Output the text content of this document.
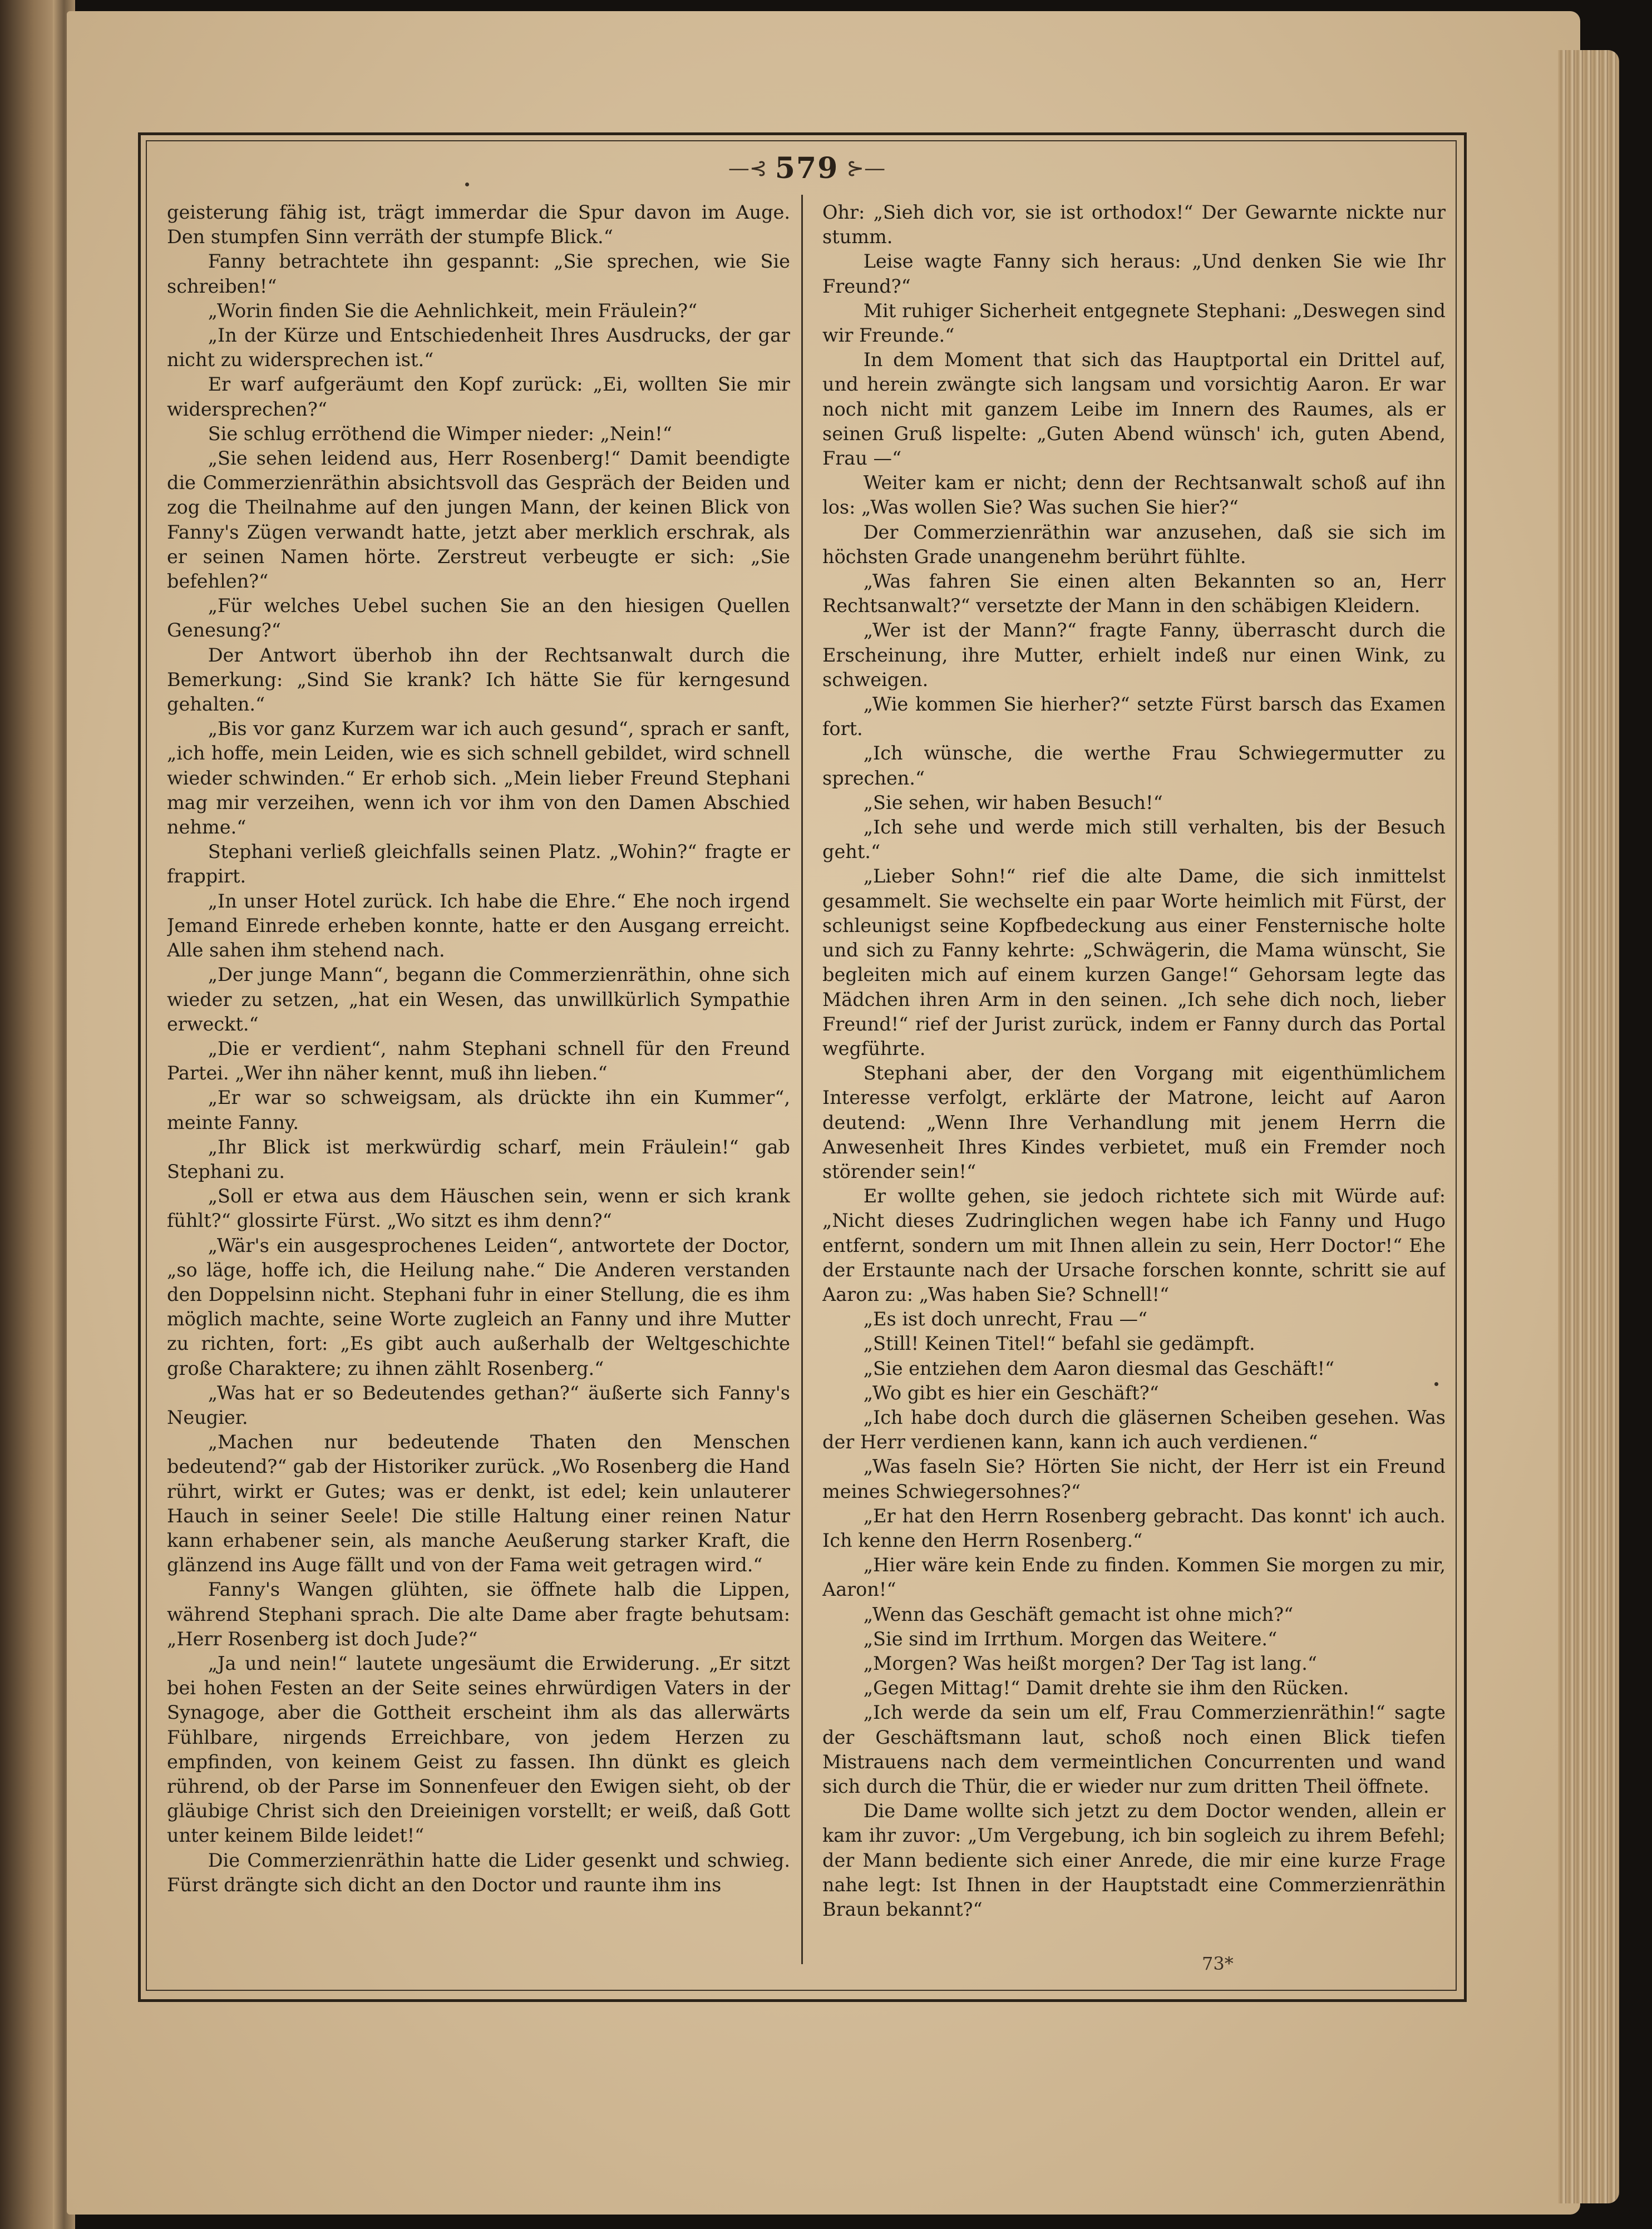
—⊰ 579 ⊱—

geisterung fähig ist, trägt immerdar die Spur davon im Auge. Den stumpfen Sinn verräth der stumpfe Blick.“

Fanny betrachtete ihn gespannt: „Sie sprechen, wie Sie schreiben!“

„Worin finden Sie die Aehnlichkeit, mein Fräulein?“

„In der Kürze und Entschiedenheit Ihres Ausdrucks, der gar nicht zu widersprechen ist.“

Er warf aufgeräumt den Kopf zurück: „Ei, wollten Sie mir widersprechen?“

Sie schlug erröthend die Wimper nieder: „Nein!“

„Sie sehen leidend aus, Herr Rosenberg!“ Damit beendigte die Commerzienräthin absichtsvoll das Gespräch der Beiden und zog die Theilnahme auf den jungen Mann, der keinen Blick von Fanny's Zügen verwandt hatte, jetzt aber merklich erschrak, als er seinen Namen hörte. Zerstreut verbeugte er sich: „Sie befehlen?“

„Für welches Uebel suchen Sie an den hiesigen Quellen Genesung?“

Der Antwort überhob ihn der Rechtsanwalt durch die Bemerkung: „Sind Sie krank? Ich hätte Sie für kerngesund gehalten.“

„Bis vor ganz Kurzem war ich auch gesund“, sprach er sanft, „ich hoffe, mein Leiden, wie es sich schnell gebildet, wird schnell wieder schwinden.“ Er erhob sich. „Mein lieber Freund Stephani mag mir verzeihen, wenn ich vor ihm von den Damen Abschied nehme.“

Stephani verließ gleichfalls seinen Platz. „Wohin?“ fragte er frappirt.

„In unser Hotel zurück. Ich habe die Ehre.“ Ehe noch irgend Jemand Einrede erheben konnte, hatte er den Ausgang erreicht. Alle sahen ihm stehend nach.

„Der junge Mann“, begann die Commerzienräthin, ohne sich wieder zu setzen, „hat ein Wesen, das unwillkürlich Sympathie erweckt.“

„Die er verdient“, nahm Stephani schnell für den Freund Partei. „Wer ihn näher kennt, muß ihn lieben.“

„Er war so schweigsam, als drückte ihn ein Kummer“, meinte Fanny.

„Ihr Blick ist merkwürdig scharf, mein Fräulein!“ gab Stephani zu.

„Soll er etwa aus dem Häuschen sein, wenn er sich krank fühlt?“ glossirte Fürst. „Wo sitzt es ihm denn?“

„Wär's ein ausgesprochenes Leiden“, antwortete der Doctor, „so läge, hoffe ich, die Heilung nahe.“ Die Anderen verstanden den Doppelsinn nicht. Stephani fuhr in einer Stellung, die es ihm möglich machte, seine Worte zugleich an Fanny und ihre Mutter zu richten, fort: „Es gibt auch außerhalb der Weltgeschichte große Charaktere; zu ihnen zählt Rosenberg.“

„Was hat er so Bedeutendes gethan?“ äußerte sich Fanny's Neugier.

„Machen nur bedeutende Thaten den Menschen bedeutend?“ gab der Historiker zurück. „Wo Rosenberg die Hand rührt, wirkt er Gutes; was er denkt, ist edel; kein unlauterer Hauch in seiner Seele! Die stille Haltung einer reinen Natur kann erhabener sein, als manche Aeußerung starker Kraft, die glänzend ins Auge fällt und von der Fama weit getragen wird.“

Fanny's Wangen glühten, sie öffnete halb die Lippen, während Stephani sprach. Die alte Dame aber fragte behutsam: „Herr Rosenberg ist doch Jude?“

„Ja und nein!“ lautete ungesäumt die Erwiderung. „Er sitzt bei hohen Festen an der Seite seines ehrwürdigen Vaters in der Synagoge, aber die Gottheit erscheint ihm als das allerwärts Fühlbare, nirgends Erreichbare, von jedem Herzen zu empfinden, von keinem Geist zu fassen. Ihn dünkt es gleich rührend, ob der Parse im Sonnenfeuer den Ewigen sieht, ob der gläubige Christ sich den Dreieinigen vorstellt; er weiß, daß Gott unter keinem Bilde leidet!“

Die Commerzienräthin hatte die Lider gesenkt und schwieg. Fürst drängte sich dicht an den Doctor und raunte ihm ins

Ohr: „Sieh dich vor, sie ist orthodox!“ Der Gewarnte nickte nur stumm.

Leise wagte Fanny sich heraus: „Und denken Sie wie Ihr Freund?“

Mit ruhiger Sicherheit entgegnete Stephani: „Deswegen sind wir Freunde.“

In dem Moment that sich das Hauptportal ein Drittel auf, und herein zwängte sich langsam und vorsichtig Aaron. Er war noch nicht mit ganzem Leibe im Innern des Raumes, als er seinen Gruß lispelte: „Guten Abend wünsch' ich, guten Abend, Frau —“

Weiter kam er nicht; denn der Rechtsanwalt schoß auf ihn los: „Was wollen Sie? Was suchen Sie hier?“

Der Commerzienräthin war anzusehen, daß sie sich im höchsten Grade unangenehm berührt fühlte.

„Was fahren Sie einen alten Bekannten so an, Herr Rechtsanwalt?“ versetzte der Mann in den schäbigen Kleidern.

„Wer ist der Mann?“ fragte Fanny, überrascht durch die Erscheinung, ihre Mutter, erhielt indeß nur einen Wink, zu schweigen.

„Wie kommen Sie hierher?“ setzte Fürst barsch das Examen fort.

„Ich wünsche, die werthe Frau Schwiegermutter zu sprechen.“

„Sie sehen, wir haben Besuch!“

„Ich sehe und werde mich still verhalten, bis der Besuch geht.“

„Lieber Sohn!“ rief die alte Dame, die sich inmittelst gesammelt. Sie wechselte ein paar Worte heimlich mit Fürst, der schleunigst seine Kopfbedeckung aus einer Fensternische holte und sich zu Fanny kehrte: „Schwägerin, die Mama wünscht, Sie begleiten mich auf einem kurzen Gange!“ Gehorsam legte das Mädchen ihren Arm in den seinen. „Ich sehe dich noch, lieber Freund!“ rief der Jurist zurück, indem er Fanny durch das Portal wegführte.

Stephani aber, der den Vorgang mit eigenthümlichem Interesse verfolgt, erklärte der Matrone, leicht auf Aaron deutend: „Wenn Ihre Verhandlung mit jenem Herrn die Anwesenheit Ihres Kindes verbietet, muß ein Fremder noch störender sein!“

Er wollte gehen, sie jedoch richtete sich mit Würde auf: „Nicht dieses Zudringlichen wegen habe ich Fanny und Hugo entfernt, sondern um mit Ihnen allein zu sein, Herr Doctor!“ Ehe der Erstaunte nach der Ursache forschen konnte, schritt sie auf Aaron zu: „Was haben Sie? Schnell!“

„Es ist doch unrecht, Frau —“

„Still! Keinen Titel!“ befahl sie gedämpft.

„Sie entziehen dem Aaron diesmal das Geschäft!“

„Wo gibt es hier ein Geschäft?“

„Ich habe doch durch die gläsernen Scheiben gesehen. Was der Herr verdienen kann, kann ich auch verdienen.“

„Was faseln Sie? Hörten Sie nicht, der Herr ist ein Freund meines Schwiegersohnes?“

„Er hat den Herrn Rosenberg gebracht. Das konnt' ich auch. Ich kenne den Herrn Rosenberg.“

„Hier wäre kein Ende zu finden. Kommen Sie morgen zu mir, Aaron!“

„Wenn das Geschäft gemacht ist ohne mich?“

„Sie sind im Irrthum. Morgen das Weitere.“

„Morgen? Was heißt morgen? Der Tag ist lang.“

„Gegen Mittag!“ Damit drehte sie ihm den Rücken.

„Ich werde da sein um elf, Frau Commerzienräthin!“ sagte der Geschäftsmann laut, schoß noch einen Blick tiefen Mistrauens nach dem vermeintlichen Concurrenten und wand sich durch die Thür, die er wieder nur zum dritten Theil öffnete.

Die Dame wollte sich jetzt zu dem Doctor wenden, allein er kam ihr zuvor: „Um Vergebung, ich bin sogleich zu ihrem Befehl; der Mann bediente sich einer Anrede, die mir eine kurze Frage nahe legt: Ist Ihnen in der Hauptstadt eine Commerzienräthin Braun bekannt?“

73*
